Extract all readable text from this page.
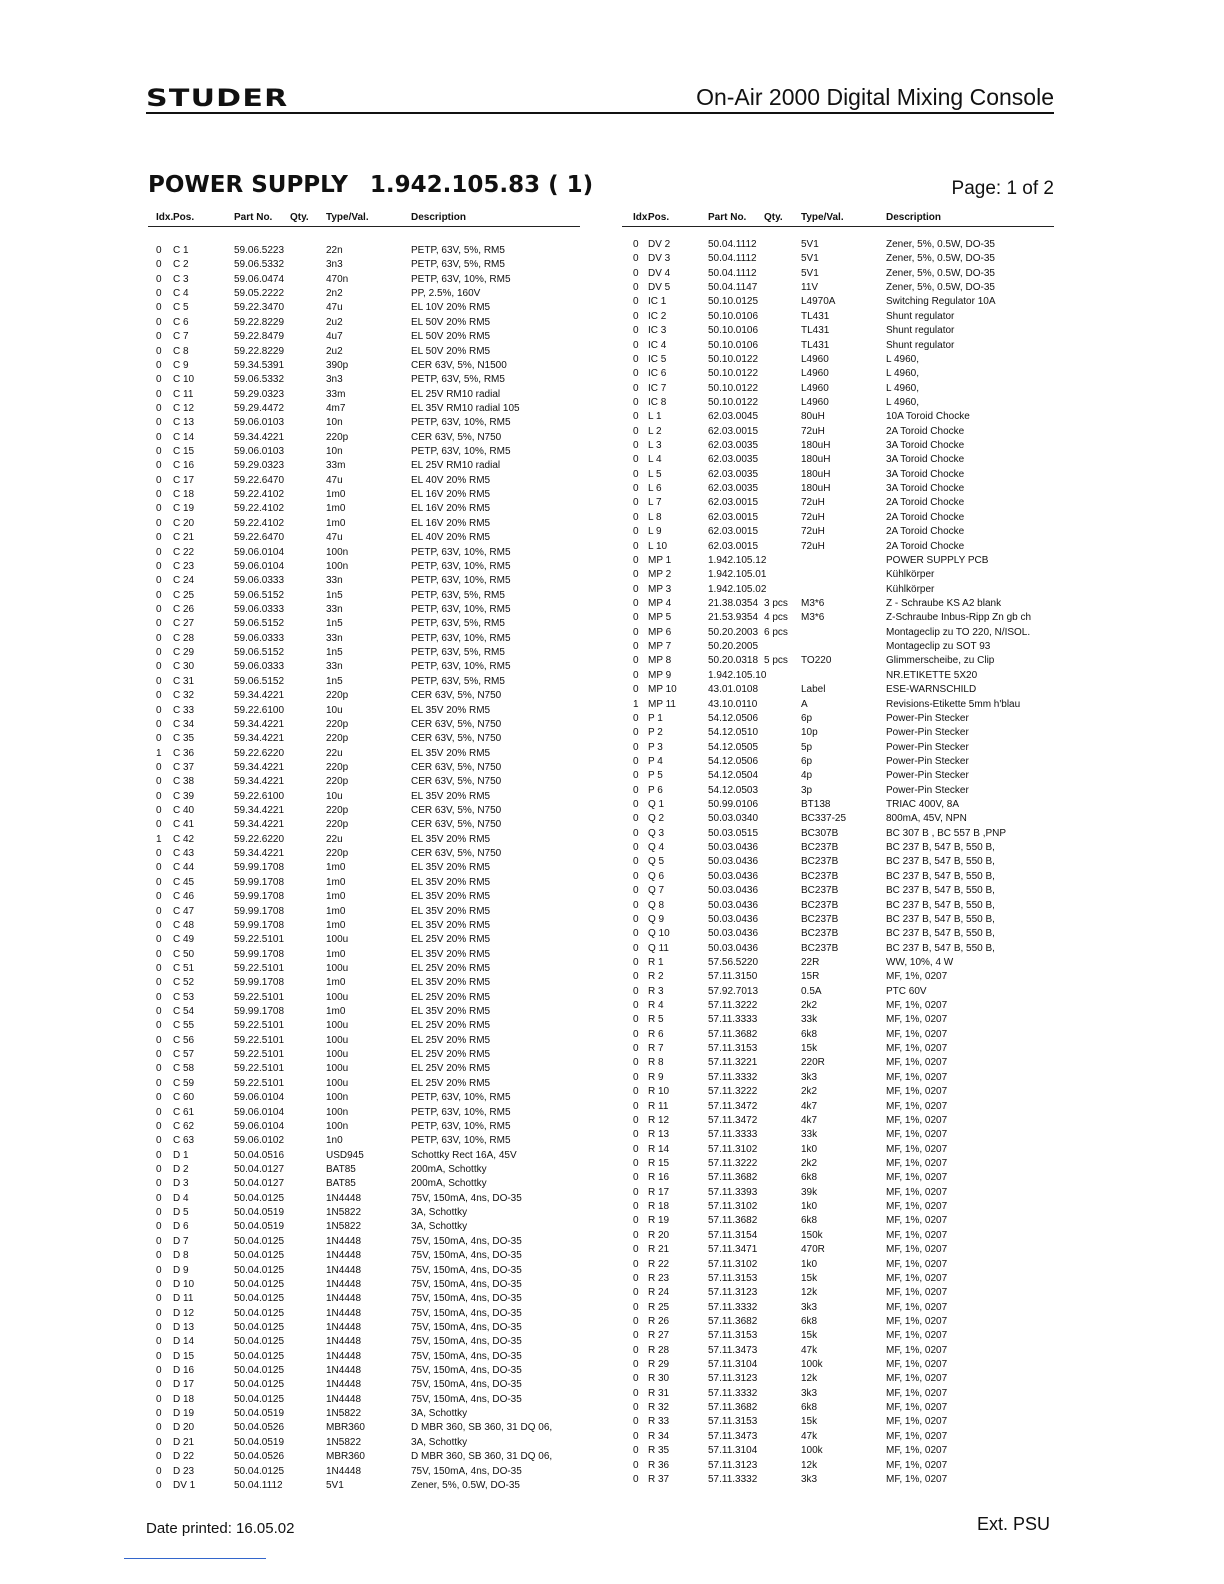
STUDER	On-Air 2000 Digital Mixing Console
POWER SUPPLY 1.942.105.83 ( 1)	Page: 1 of 2
Idx. Pos.	Part No. Qty. Type/Val.	Description
0 C 1	59.06.5223	22n	PETP, 63V, 5%, RM5
0 C 2	59.06.5332	3n3	PETP, 63V, 5%, RM5
0 C 3	59.06.0474	470n	PETP, 63V, 10%, RM5
0 C 4	59.05.2222	2n2	PP, 2.5%, 160V
0 C 5	59.22.3470	47u	EL 10V 20% RM5
0 C 6	59.22.8229	2u2	EL 50V 20% RM5
0 C 7	59.22.8479	4u7	EL 50V 20% RM5
0 C 8	59.22.8229	2u2	EL 50V 20% RM5
0 C 9	59.34.5391	390p	CER 63V, 5%, N1500
0 C 10	59.06.5332	3n3	PETP, 63V, 5%, RM5
0 C 11	59.29.0323	33m	EL 25V RM10 radial
0 C 12	59.29.4472	4m7	EL 35V RM10 radial 105
0 C 13	59.06.0103	10n	PETP, 63V, 10%, RM5
0 C 14	59.34.4221	220p	CER 63V, 5%, N750
0 C 15	59.06.0103	10n	PETP, 63V, 10%, RM5
0 C 16	59.29.0323	33m	EL 25V RM10 radial
0 C 17	59.22.6470	47u	EL 40V 20% RM5
0 C 18	59.22.4102	1m0	EL 16V 20% RM5
0 C 19	59.22.4102	1m0	EL 16V 20% RM5
0 C 20	59.22.4102	1m0	EL 16V 20% RM5
0 C 21	59.22.6470	47u	EL 40V 20% RM5
0 C 22	59.06.0104	100n	PETP, 63V, 10%, RM5
0 C 23	59.06.0104	100n	PETP, 63V, 10%, RM5
0 C 24	59.06.0333	33n	PETP, 63V, 10%, RM5
0 C 25	59.06.5152	1n5	PETP, 63V, 5%, RM5
0 C 26	59.06.0333	33n	PETP, 63V, 10%, RM5
0 C 27	59.06.5152	1n5	PETP, 63V, 5%, RM5
0 C 28	59.06.0333	33n	PETP, 63V, 10%, RM5
0 C 29	59.06.5152	1n5	PETP, 63V, 5%, RM5
0 C 30	59.06.0333	33n	PETP, 63V, 10%, RM5
0 C 31	59.06.5152	1n5	PETP, 63V, 5%, RM5
0 C 32	59.34.4221	220p	CER 63V, 5%, N750
0 C 33	59.22.6100	10u	EL 35V 20% RM5
0 C 34	59.34.4221	220p	CER 63V, 5%, N750
0 C 35	59.34.4221	220p	CER 63V, 5%, N750
1 C 36	59.22.6220	22u	EL 35V 20% RM5
0 C 37	59.34.4221	220p	CER 63V, 5%, N750
0 C 38	59.34.4221	220p	CER 63V, 5%, N750
0 C 39	59.22.6100	10u	EL 35V 20% RM5
0 C 40	59.34.4221	220p	CER 63V, 5%, N750
0 C 41	59.34.4221	220p	CER 63V, 5%, N750
1 C 42	59.22.6220	22u	EL 35V 20% RM5
0 C 43	59.34.4221	220p	CER 63V, 5%, N750
0 C 44	59.99.1708	1m0	EL 35V 20% RM5
0 C 45	59.99.1708	1m0	EL 35V 20% RM5
0 C 46	59.99.1708	1m0	EL 35V 20% RM5
0 C 47	59.99.1708	1m0	EL 35V 20% RM5
0 C 48	59.99.1708	1m0	EL 35V 20% RM5
0 C 49	59.22.5101	100u	EL 25V 20% RM5
0 C 50	59.99.1708	1m0	EL 35V 20% RM5
0 C 51	59.22.5101	100u	EL 25V 20% RM5
0 C 52	59.99.1708	1m0	EL 35V 20% RM5
0 C 53	59.22.5101	100u	EL 25V 20% RM5
0 C 54	59.99.1708	1m0	EL 35V 20% RM5
0 C 55	59.22.5101	100u	EL 25V 20% RM5
0 C 56	59.22.5101	100u	EL 25V 20% RM5
0 C 57	59.22.5101	100u	EL 25V 20% RM5
0 C 58	59.22.5101	100u	EL 25V 20% RM5
0 C 59	59.22.5101	100u	EL 25V 20% RM5
0 C 60	59.06.0104	100n	PETP, 63V, 10%, RM5
0 C 61	59.06.0104	100n	PETP, 63V, 10%, RM5
0 C 62	59.06.0104	100n	PETP, 63V, 10%, RM5
0 C 63	59.06.0102	1n0	PETP, 63V, 10%, RM5
0 D 1	50.04.0516	USD945	Schottky Rect 16A, 45V
0 D 2	50.04.0127	BAT85	200mA, Schottky
0 D 3	50.04.0127	BAT85	200mA, Schottky
0 D 4	50.04.0125	1N4448	75V, 150mA, 4ns, DO-35
0 D 5	50.04.0519	1N5822	3A, Schottky
0 D 6	50.04.0519	1N5822	3A, Schottky
0 D 7	50.04.0125	1N4448	75V, 150mA, 4ns, DO-35
0 D 8	50.04.0125	1N4448	75V, 150mA, 4ns, DO-35
0 D 9	50.04.0125	1N4448	75V, 150mA, 4ns, DO-35
0 D 10	50.04.0125	1N4448	75V, 150mA, 4ns, DO-35
0 D 11	50.04.0125	1N4448	75V, 150mA, 4ns, DO-35
0 D 12	50.04.0125	1N4448	75V, 150mA, 4ns, DO-35
0 D 13	50.04.0125	1N4448	75V, 150mA, 4ns, DO-35
0 D 14	50.04.0125	1N4448	75V, 150mA, 4ns, DO-35
0 D 15	50.04.0125	1N4448	75V, 150mA, 4ns, DO-35
0 D 16	50.04.0125	1N4448	75V, 150mA, 4ns, DO-35
0 D 17	50.04.0125	1N4448	75V, 150mA, 4ns, DO-35
0 D 18	50.04.0125	1N4448	75V, 150mA, 4ns, DO-35
0 D 19	50.04.0519	1N5822	3A, Schottky
0 D 20	50.04.0526	MBR360	D MBR 360, SB 360, 31 DQ 06,
0 D 21	50.04.0519	1N5822	3A, Schottky
0 D 22	50.04.0526	MBR360	D MBR 360, SB 360, 31 DQ 06,
0 D 23	50.04.0125	1N4448	75V, 150mA, 4ns, DO-35
0 DV 1	50.04.1112	5V1	Zener, 5%, 0.5W, DO-35
Idx.
Pos.	Part No. Qty. Type/Val.	Description
0 DV 2	50.04.1112	5V1	Zener, 5%, 0.5W, DO-35
0 DV 3	50.04.1112	5V1	Zener, 5%, 0.5W, DO-35
0 DV 4	50.04.1112	5V1	Zener, 5%, 0.5W, DO-35
0 DV 5	50.04.1147	11V	Zener, 5%, 0.5W, DO-35
0 IC 1	50.10.0125	L4970A	Switching Regulator 10A
0 IC 2	50.10.0106	TL431	Shunt regulator
0 IC 3	50.10.0106	TL431	Shunt regulator
0 IC 4	50.10.0106	TL431	Shunt regulator
0 IC 5	50.10.0122	L4960	L 4960,
0 IC 6	50.10.0122	L4960	L 4960,
0 IC 7	50.10.0122	L4960	L 4960,
0 IC 8	50.10.0122	L4960	L 4960,
0 L 1	62.03.0045	80uH	10A Toroid Chocke
0 L 2	62.03.0015	72uH	2A Toroid Chocke
0 L 3	62.03.0035	180uH	3A Toroid Chocke
0 L 4	62.03.0035	180uH	3A Toroid Chocke
0 L 5	62.03.0035	180uH	3A Toroid Chocke
0 L 6	62.03.0035	180uH	3A Toroid Chocke
0 L 7	62.03.0015	72uH	2A Toroid Chocke
0 L 8	62.03.0015	72uH	2A Toroid Chocke
0 L 9	62.03.0015	72uH	2A Toroid Chocke
0 L 10	62.03.0015	72uH	2A Toroid Chocke
0 MP 1	1.942.105.12	POWER SUPPLY PCB
0 MP 2	1.942.105.01	Kühlkörper
0 MP 3	1.942.105.02	Kühlkörper
0 MP 4	21.38.0354 3 pcs M3*6	Z - Schraube KS A2 blank
0 MP 5	21.53.9354 4 pcs M3*6	Z-Schraube Inbus-Ripp Zn gb ch
0 MP 6	50.20.2003 6 pcs	Montageclip zu TO 220, N/ISOL.
0 MP 7	50.20.2005	Montageclip zu SOT 93
0 MP 8	50.20.0318 5 pcs TO220	Glimmerscheibe, zu Clip
0 MP 9	1.942.105.10	NR.ETIKETTE 5X20
0 MP 10	43.01.0108	Label	ESE-WARNSCHILD
1 MP 11	43.10.0110	A	Revisions-Etikette 5mm h'blau
0 P 1	54.12.0506	6p	Power-Pin Stecker
0 P 2	54.12.0510	10p	Power-Pin Stecker
0 P 3	54.12.0505	5p	Power-Pin Stecker
0 P 4	54.12.0506	6p	Power-Pin Stecker
0 P 5	54.12.0504	4p	Power-Pin Stecker
0 P 6	54.12.0503	3p	Power-Pin Stecker
0 Q 1	50.99.0106	BT138	TRIAC 400V, 8A
0 Q 2	50.03.0340	BC337-25	800mA, 45V, NPN
0 Q 3	50.03.0515	BC307B	BC 307 B , BC 557 B ,PNP
0 Q 4	50.03.0436	BC237B	BC 237 B, 547 B, 550 B,
0 Q 5	50.03.0436	BC237B	BC 237 B, 547 B, 550 B,
0 Q 6	50.03.0436	BC237B	BC 237 B, 547 B, 550 B,
0 Q 7	50.03.0436	BC237B	BC 237 B, 547 B, 550 B,
0 Q 8	50.03.0436	BC237B	BC 237 B, 547 B, 550 B,
0 Q 9	50.03.0436	BC237B	BC 237 B, 547 B, 550 B,
0 Q 10	50.03.0436	BC237B	BC 237 B, 547 B, 550 B,
0 Q 11	50.03.0436	BC237B	BC 237 B, 547 B, 550 B,
0 R 1	57.56.5220	22R	WW, 10%, 4 W
0 R 2	57.11.3150	15R	MF, 1%, 0207
0 R 3	57.92.7013	0.5A	PTC 60V
0 R 4	57.11.3222	2k2	MF, 1%, 0207
0 R 5	57.11.3333	33k	MF, 1%, 0207
0 R 6	57.11.3682	6k8	MF, 1%, 0207
0 R 7	57.11.3153	15k	MF, 1%, 0207
0 R 8	57.11.3221	220R	MF, 1%, 0207
0 R 9	57.11.3332	3k3	MF, 1%, 0207
0 R 10	57.11.3222	2k2	MF, 1%, 0207
0 R 11	57.11.3472	4k7	MF, 1%, 0207
0 R 12	57.11.3472	4k7	MF, 1%, 0207
0 R 13	57.11.3333	33k	MF, 1%, 0207
0 R 14	57.11.3102	1k0	MF, 1%, 0207
0 R 15	57.11.3222	2k2	MF, 1%, 0207
0 R 16	57.11.3682	6k8	MF, 1%, 0207
0 R 17	57.11.3393	39k	MF, 1%, 0207
0 R 18	57.11.3102	1k0	MF, 1%, 0207
0 R 19	57.11.3682	6k8	MF, 1%, 0207
0 R 20	57.11.3154	150k	MF, 1%, 0207
0 R 21	57.11.3471	470R	MF, 1%, 0207
0 R 22	57.11.3102	1k0	MF, 1%, 0207
0 R 23	57.11.3153	15k	MF, 1%, 0207
0 R 24	57.11.3123	12k	MF, 1%, 0207
0 R 25	57.11.3332	3k3	MF, 1%, 0207
0 R 26	57.11.3682	6k8	MF, 1%, 0207
0 R 27	57.11.3153	15k	MF, 1%, 0207
0 R 28	57.11.3473	47k	MF, 1%, 0207
0 R 29	57.11.3104	100k	MF, 1%, 0207
0 R 30	57.11.3123	12k	MF, 1%, 0207
0 R 31	57.11.3332	3k3	MF, 1%, 0207
0 R 32	57.11.3682	6k8	MF, 1%, 0207
0 R 33	57.11.3153	15k	MF, 1%, 0207
0 R 34	57.11.3473	47k	MF, 1%, 0207
0 R 35	57.11.3104	100k	MF, 1%, 0207
0 R 36	57.11.3123	12k	MF, 1%, 0207
0 R 37	57.11.3332	3k3	MF, 1%, 0207
Date printed: 16.05.02	Ext. PSU
